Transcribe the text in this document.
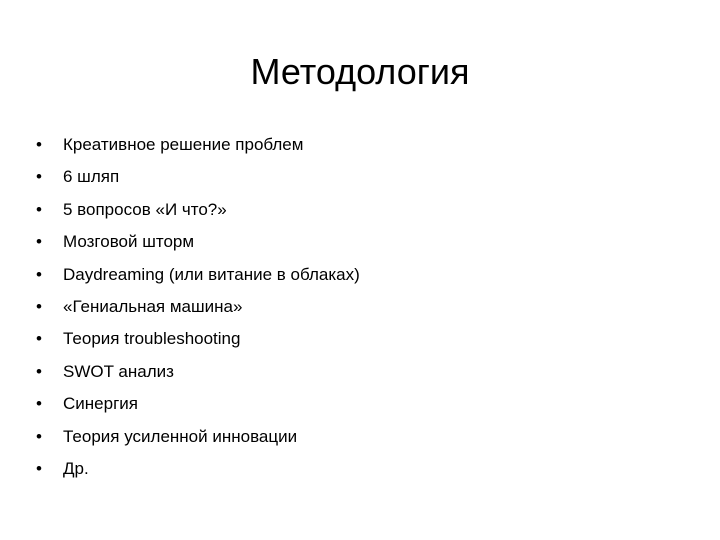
Методология
•	Креативное решение проблем
•	6 шляп
•	5 вопросов «И что?»
•	Мозговой шторм
•	Daydreaming (или витание в облаках)
•	«Гениальная машина»
•	Теория troubleshooting
•	SWOT анализ
•	Синергия
•	Теория усиленной инновации
•	Др.
